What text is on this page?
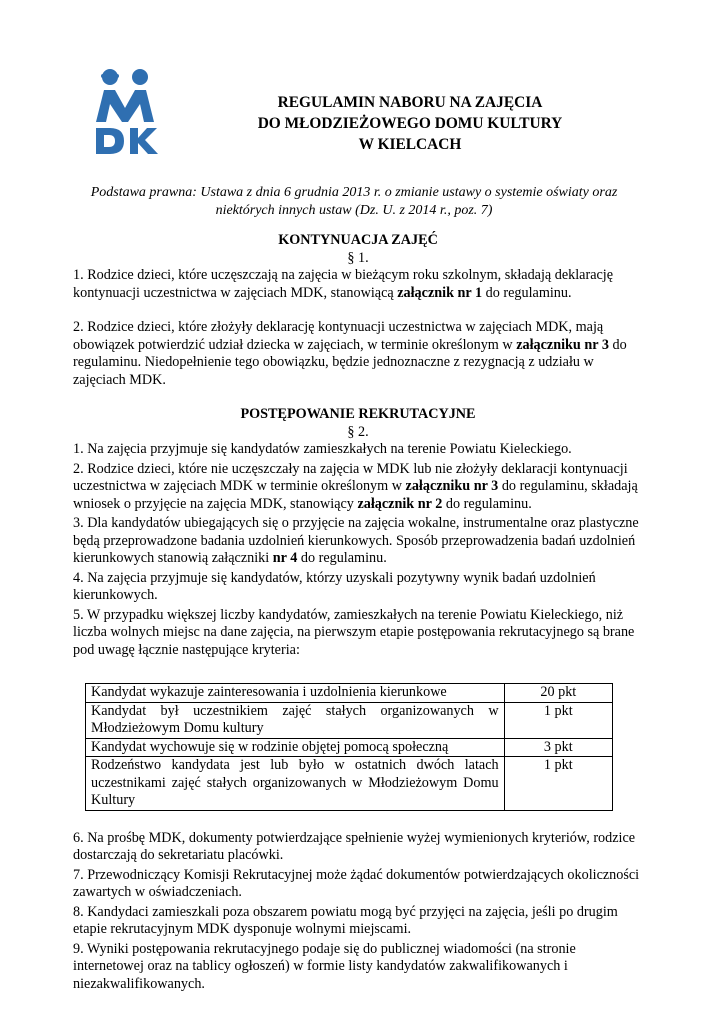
REGULAMIN NABORU NA ZAJĘCIA
DO MŁODZIEŻOWEGO DOMU KULTURY
W KIELCACH
Podstawa prawna: Ustawa z dnia 6 grudnia 2013 r. o zmianie ustawy o systemie oświaty oraz
niektórych innych ustaw (Dz. U. z 2014 r., poz. 7)
KONTYNUACJA ZAJĘĆ
§ 1.

1. Rodzice dzieci, które uczęszczają na zajęcia w bieżącym roku szkolnym, składają deklarację kontynuacji uczestnictwa w zajęciach MDK, stanowiącą załącznik nr 1 do regulaminu.

2. Rodzice dzieci, które złożyły deklarację kontynuacji uczestnictwa w zajęciach MDK, mają obowiązek potwierdzić udział dziecka w zajęciach, w terminie określonym w załączniku nr 3 do regulaminu. Niedopełnienie tego obowiązku, będzie jednoznaczne z rezygnacją z udziału w zajęciach MDK.

POSTĘPOWANIE REKRUTACYJNE
§ 2.

1. Na zajęcia przyjmuje się kandydatów zamieszkałych na terenie Powiatu Kieleckiego.

2. Rodzice dzieci, które nie uczęszczały na zajęcia w MDK lub nie złożyły deklaracji kontynuacji uczestnictwa w zajęciach MDK w terminie określonym w załączniku nr 3 do regulaminu, składają wniosek o przyjęcie na zajęcia MDK, stanowiący załącznik nr 2 do regulaminu.

3. Dla kandydatów ubiegających się o przyjęcie na zajęcia wokalne, instrumentalne oraz plastyczne będą przeprowadzone badania uzdolnień kierunkowych. Sposób przeprowadzenia badań uzdolnień kierunkowych stanowią załączniki nr 4 do regulaminu.

4. Na zajęcia przyjmuje się kandydatów, którzy uzyskali pozytywny wynik badań uzdolnień kierunkowych.

5. W przypadku większej liczby kandydatów, zamieszkałych na terenie Powiatu Kieleckiego, niż liczba wolnych miejsc na dane zajęcia, na pierwszym etapie postępowania rekrutacyjnego są brane pod uwagę łącznie następujące kryteria:

Kandydat wykazuje zainteresowania i uzdolnienia kierunkowe	20 pkt
Kandydat był uczestnikiem zajęć stałych organizowanych w Młodzieżowym Domu kultury	1 pkt
Kandydat wychowuje się w rodzinie objętej pomocą społeczną	3 pkt
Rodzeństwo kandydata jest lub było w ostatnich dwóch latach uczestnikami zajęć stałych organizowanych w Młodzieżowym Domu Kultury	1 pkt

6. Na prośbę MDK, dokumenty potwierdzające spełnienie wyżej wymienionych kryteriów, rodzice dostarczają do sekretariatu placówki.

7. Przewodniczący Komisji Rekrutacyjnej może żądać dokumentów potwierdzających okoliczności zawartych w oświadczeniach.

8. Kandydaci zamieszkali poza obszarem powiatu mogą być przyjęci na zajęcia, jeśli po drugim etapie rekrutacyjnym MDK dysponuje wolnymi miejscami.

9. Wyniki postępowania rekrutacyjnego podaje się do publicznej wiadomości (na stronie internetowej oraz na tablicy ogłoszeń) w formie listy kandydatów zakwalifikowanych i niezakwalifikowanych.
